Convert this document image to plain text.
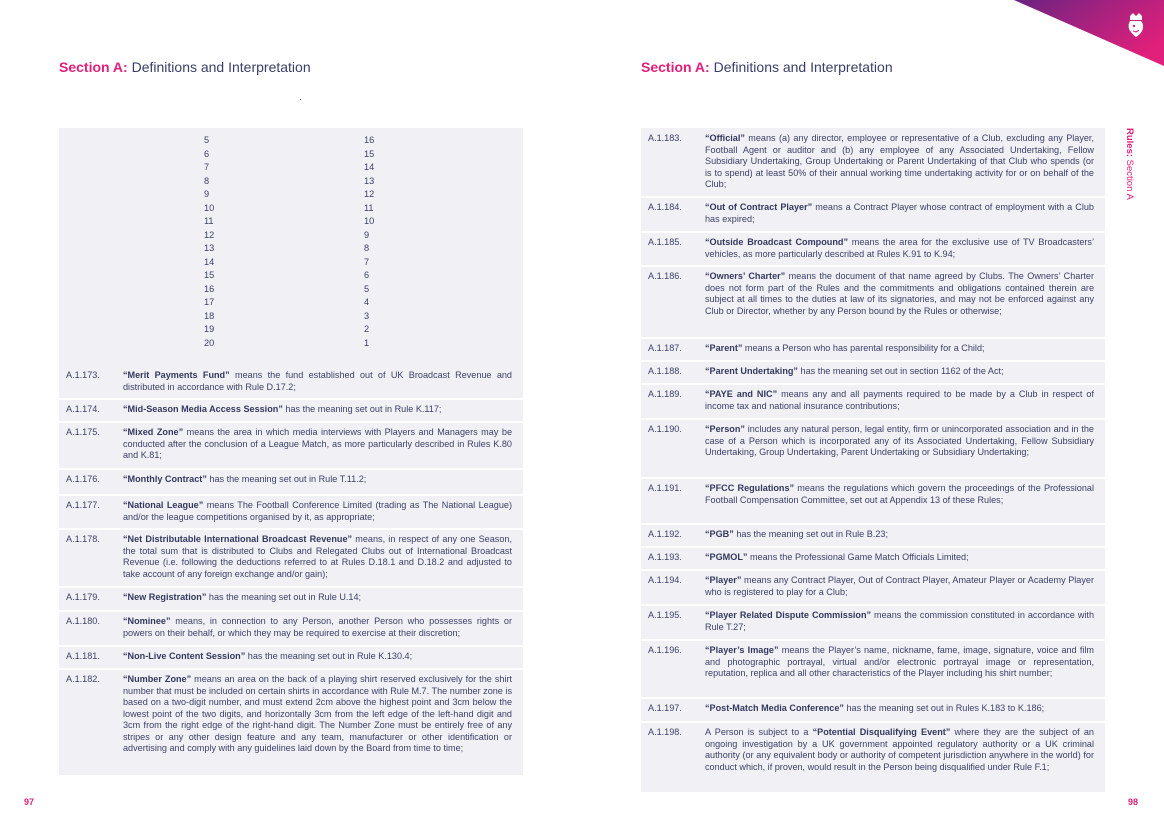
Section A: Definitions and Interpretation	Section A: Definitions and Interpretation
5	16
6	15
7	14
8	13
9	12
10	11
11	10
12	9
13	8
14	7
15	6
16	5
17	4
18	3
19	2
20	1
A.1.173.	“Merit Payments Fund” means the fund established out of UK Broadcast Revenue and distributed in accordance with Rule D.17.2;
A.1.174.	“Mid-Season Media Access Session” has the meaning set out in Rule K.117;
A.1.175.	“Mixed Zone” means the area in which media interviews with Players and Managers may be conducted after the conclusion of a League Match, as more particularly described in Rules K.80 and K.81;
A.1.176.	“Monthly Contract” has the meaning set out in Rule T.11.2;
A.1.177.	“National League” means The Football Conference Limited (trading as The National League) and/or the league competitions organised by it, as appropriate;
A.1.178.	“Net Distributable International Broadcast Revenue” means, in respect of any one Season, the total sum that is distributed to Clubs and Relegated Clubs out of International Broadcast Revenue (i.e. following the deductions referred to at Rules D.18.1 and D.18.2 and adjusted to take account of any foreign exchange and/or gain);
A.1.179.	“New Registration” has the meaning set out in Rule U.14;
A.1.180.	“Nominee” means, in connection to any Person, another Person who possesses rights or powers on their behalf, or which they may be required to exercise at their discretion;
A.1.181.	“Non-Live Content Session” has the meaning set out in Rule K.130.4;
A.1.182.	“Number Zone” means an area on the back of a playing shirt reserved exclusively for the shirt number that must be included on certain shirts in accordance with Rule M.7. The number zone is based on a two-digit number, and must extend 2cm above the highest point and 3cm below the lowest point of the two digits, and horizontally 3cm from the left edge of the left-hand digit and 3cm from the right edge of the right-hand digit. The Number Zone must be entirely free of any stripes or any other design feature and any team, manufacturer or other identification or advertising and comply with any guidelines laid down by the Board from time to time;
A.1.183.	“Official” means (a) any director, employee or representative of a Club, excluding any Player, Football Agent or auditor and (b) any employee of any Associated Undertaking, Fellow Subsidiary Undertaking, Group Undertaking or Parent Undertaking of that Club who spends (or is to spend) at least 50% of their annual working time undertaking activity for or on behalf of the Club;
A.1.184.	“Out of Contract Player” means a Contract Player whose contract of employment with a Club has expired;
A.1.185.	“Outside Broadcast Compound” means the area for the exclusive use of TV Broadcasters’ vehicles, as more particularly described at Rules K.91 to K.94;
A.1.186.	“Owners’ Charter” means the document of that name agreed by Clubs. The Owners’ Charter does not form part of the Rules and the commitments and obligations contained therein are subject at all times to the duties at law of its signatories, and may not be enforced against any Club or Director, whether by any Person bound by the Rules or otherwise;
A.1.187.	“Parent” means a Person who has parental responsibility for a Child;
A.1.188.	“Parent Undertaking” has the meaning set out in section 1162 of the Act;
A.1.189.	“PAYE and NIC” means any and all payments required to be made by a Club in respect of income tax and national insurance contributions;
A.1.190.	“Person” includes any natural person, legal entity, firm or unincorporated association and in the case of a Person which is incorporated any of its Associated Undertaking, Fellow Subsidiary Undertaking, Group Undertaking, Parent Undertaking or Subsidiary Undertaking;
A.1.191.	“PFCC Regulations” means the regulations which govern the proceedings of the Professional Football Compensation Committee, set out at Appendix 13 of these Rules;
A.1.192.	“PGB” has the meaning set out in Rule B.23;
A.1.193.	“PGMOL” means the Professional Game Match Officials Limited;
A.1.194.	“Player” means any Contract Player, Out of Contract Player, Amateur Player or Academy Player who is registered to play for a Club;
A.1.195.	“Player Related Dispute Commission” means the commission constituted in accordance with Rule T.27;
A.1.196.	“Player’s Image” means the Player’s name, nickname, fame, image, signature, voice and film and photographic portrayal, virtual and/or electronic portrayal image or representation, reputation, replica and all other characteristics of the Player including his shirt number;
A.1.197.	“Post-Match Media Conference” has the meaning set out in Rules K.183 to K.186;
A.1.198.	A Person is subject to a “Potential Disqualifying Event” where they are the subject of an ongoing investigation by a UK government appointed regulatory authority or a UK criminal authority (or any equivalent body or authority of competent jurisdiction anywhere in the world) for conduct which, if proven, would result in the Person being disqualified under Rule F.1;
Rules: Section A
97	98
